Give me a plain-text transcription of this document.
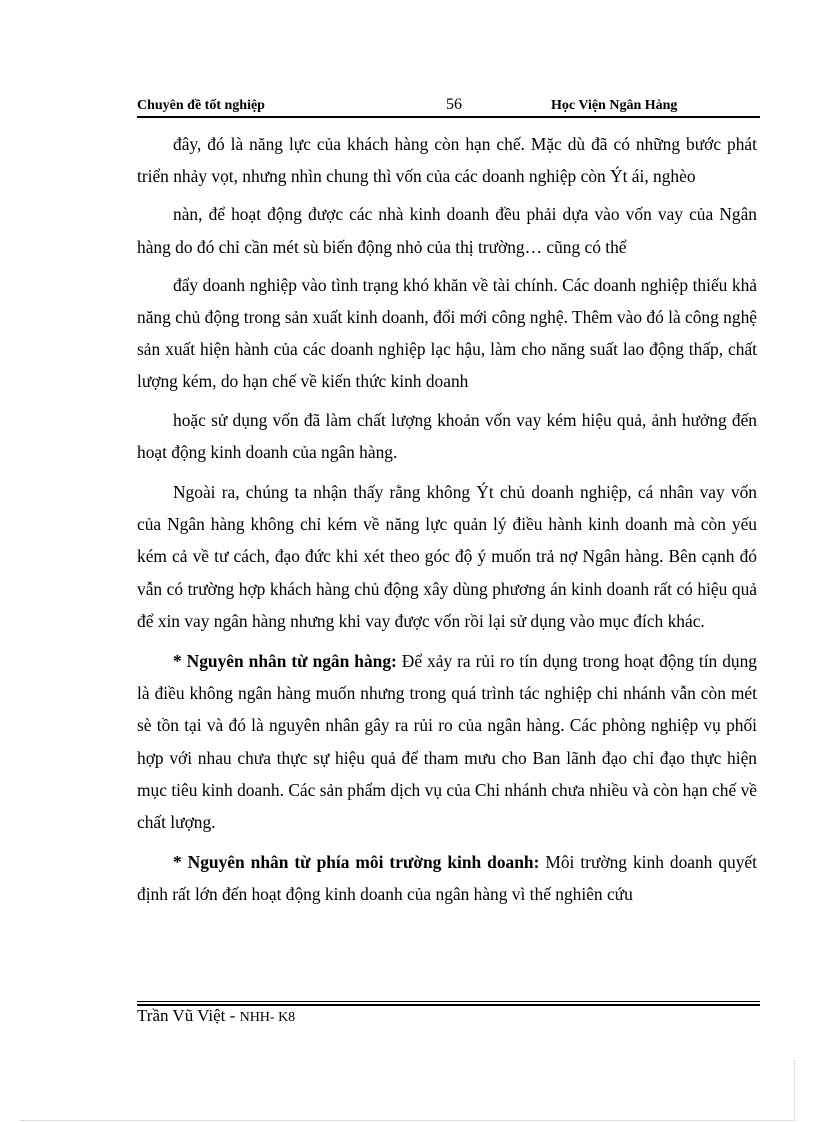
Chuyên đề tốt nghiệp	56	Học Viện Ngân Hàng

đây, đó là năng lực của khách hàng còn hạn chế. Mặc dù đã có những bước phát triển nhảy vọt, nhưng nhìn chung thì vốn của các doanh nghiệp còn Ýt ái, nghèo

nàn, để hoạt động được các nhà kinh doanh đều phải dựa vào vốn vay của Ngân hàng do đó chỉ cần mét sù biến động nhỏ của thị trường… cũng có thể

đẩy doanh nghiệp vào tình trạng khó khăn về tài chính. Các doanh nghiệp thiếu khả năng chủ động trong sản xuất kinh doanh, đổi mới công nghệ. Thêm vào đó là công nghệ sản xuất hiện hành của các doanh nghiệp lạc hậu, làm cho năng suất lao động thấp, chất lượng kém, do hạn chế về kiến thức kinh doanh

hoặc sử dụng vốn đã làm chất lượng khoản vốn vay kém hiệu quả, ảnh hưởng đến hoạt động kinh doanh của ngân hàng.

Ngoài ra, chúng ta nhận thấy rằng không Ýt chủ doanh nghiệp, cá nhân vay vốn của Ngân hàng không chỉ kém về năng lực quản lý điều hành kinh doanh mà còn yếu kém cả về tư cách, đạo đức khi xét theo góc độ ý muốn trả nợ Ngân hàng. Bên cạnh đó vẫn có trường hợp khách hàng chủ động xây dùng phương án kinh doanh rất có hiệu quả để xin vay ngân hàng nhưng khi vay được vốn rồi lại sử dụng vào mục đích khác.

* Nguyên nhân từ ngân hàng: Để xảy ra rủi ro tín dụng trong hoạt động tín dụng là điều không ngân hàng muốn nhưng trong quá trình tác nghiệp chi nhánh vẫn còn mét sè tồn tại và đó là nguyên nhân gây ra rủi ro của ngân hàng. Các phòng nghiệp vụ phối hợp với nhau chưa thực sự hiệu quả để tham mưu cho Ban lãnh đạo chỉ đạo thực hiện mục tiêu kinh doanh. Các sản phẩm dịch vụ của Chi nhánh chưa nhiều và còn hạn chế về chất lượng.

* Nguyên nhân từ phía môi trường kinh doanh: Môi trường kinh doanh quyết định rất lớn đến hoạt động kinh doanh của ngân hàng vì thế nghiên cứu

Trần Vũ Việt - NHH- K8
